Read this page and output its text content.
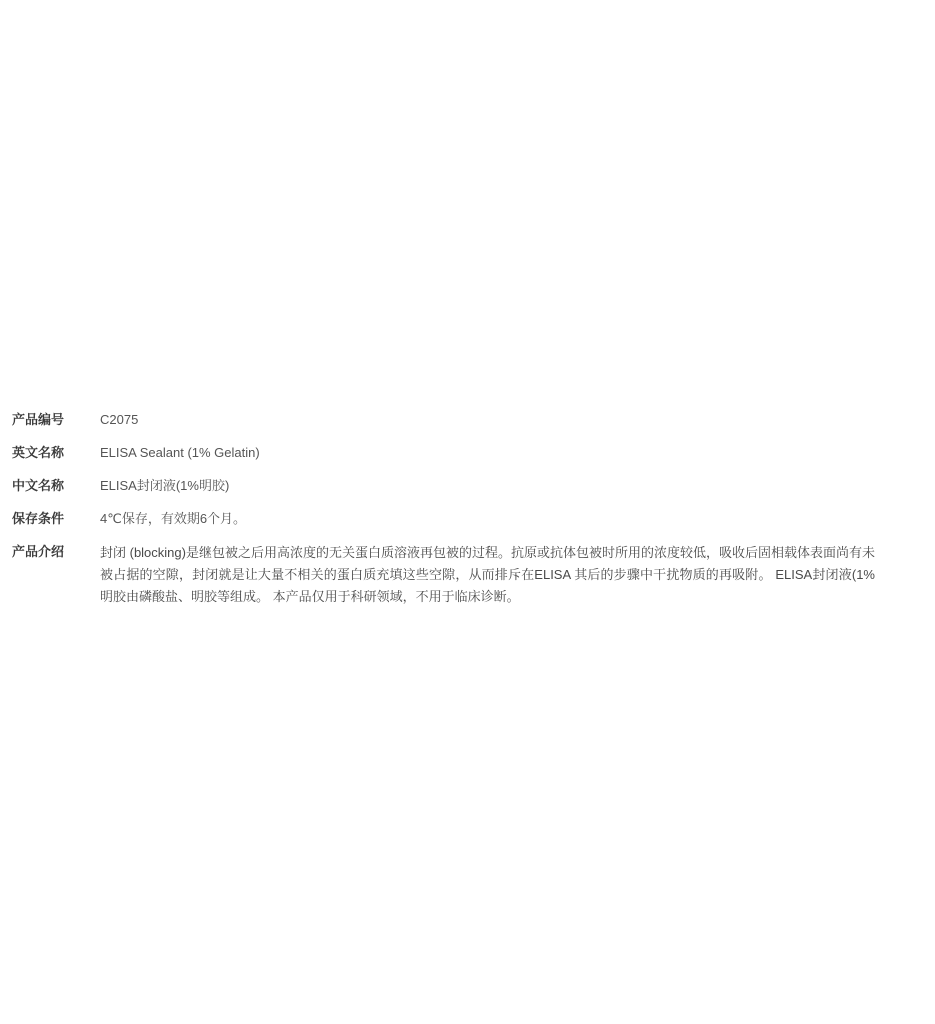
产品编号	C2075
英文名称	ELISA Sealant (1% Gelatin)
中文名称	ELISA封闭液(1%明胶)
保存条件	4℃保存，有效期6个月。
产品介绍	封闭 (blocking)是继包被之后用高浓度的无关蛋白质溶液再包被的过程。抗原或抗体包被时所用的浓度较低，吸收后固相载体表面尚有未被占据的空隙，封闭就是让大量不相关的蛋白质充填这些空隙，从而排斥在ELISA 其后的步骤中干扰物质的再吸附。 ELISA封闭液(1%明胶由磷酸盐、明胶等组成。 本产品仅用于科研领域，不用于临床诊断。
